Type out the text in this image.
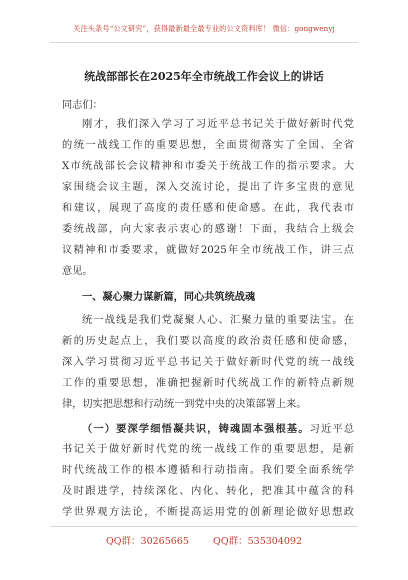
关注头条号“公文研究”，获得最新最全最专业的公文资料库！ 微信：gongwenyj
统战部部长在2025年全市统战工作会议上的讲话
同志们：
刚才，我们深入学习了习近平总书记关于做好新时代党
的统一战线工作的重要思想，全面贯彻落实了全国、全省
X市统战部长会议精神和市委关于统战工作的指示要求。大
家围绕会议主题，深入交流讨论，提出了许多宝贵的意见
和建议，展现了高度的责任感和使命感。在此，我代表市
委统战部，向大家表示衷心的感谢！下面，我结合上级会
议精神和市委要求，就做好2025年全市统战工作，讲三点
意见。
一、凝心聚力谋新篇，同心共筑统战魂
统一战线是我们党凝聚人心、汇聚力量的重要法宝。在
新的历史起点上，我们要以高度的政治责任感和使命感，
深入学习贯彻习近平总书记关于做好新时代党的统一战线
工作的重要思想，准确把握新时代统战工作的新特点新规
律，切实把思想和行动统一到党中央的决策部署上来。
（一）要深学细悟凝共识，铸魂固本强根基。习近平总
书记关于做好新时代党的统一战线工作的重要思想，是新
时代统战工作的根本遵循和行动指南。我们要全面系统学
及时跟进学，持续深化、内化、转化，把准其中蕴含的科
学世界观方法论，不断提高运用党的创新理论做好思想政
QQ群：30265665        QQ群：535304092
